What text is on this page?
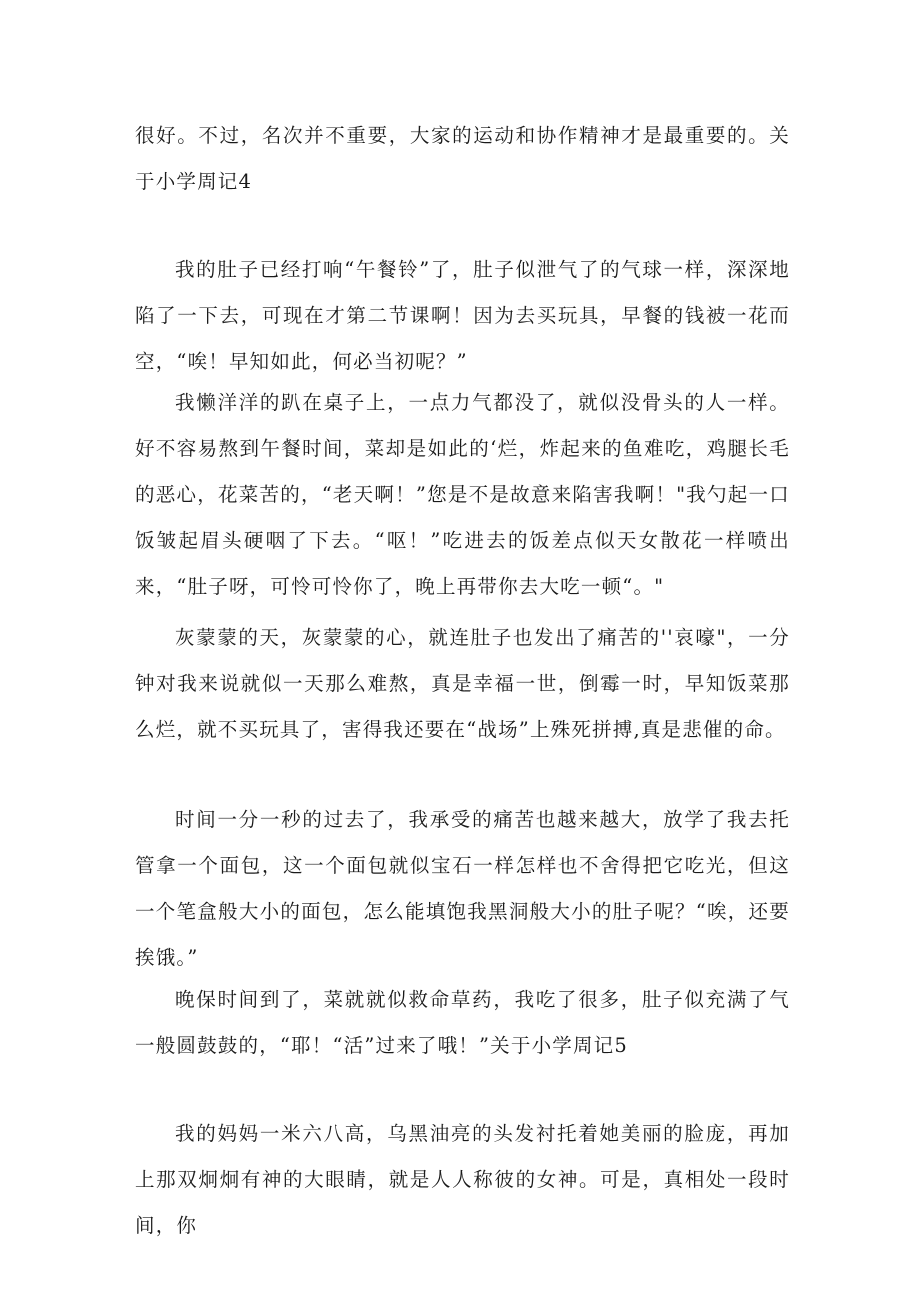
很好。不过，名次并不重要，大家的运动和协作精神才是最重要的。关于小学周记4

我的肚子已经打响“午餐铃”了，肚子似泄气了的气球一样，深深地陷了一下去，可现在才第二节课啊！因为去买玩具，早餐的钱被一花而空，“唉！早知如此，何必当初呢？”

我懒洋洋的趴在桌子上，一点力气都没了，就似没骨头的人一样。好不容易熬到午餐时间，菜却是如此的‘烂，炸起来的鱼难吃，鸡腿长毛的恶心，花菜苦的，“老天啊！”您是不是故意来陷害我啊！"我勺起一口饭皱起眉头硬咽了下去。“呕！”吃进去的饭差点似天女散花一样喷出来，“肚子呀，可怜可怜你了，晚上再带你去大吃一顿“。"

灰蒙蒙的天，灰蒙蒙的心，就连肚子也发出了痛苦的''哀嚎"，一分钟对我来说就似一天那么难熬，真是幸福一世，倒霉一时，早知饭菜那么烂，就不买玩具了，害得我还要在“战场”上殊死拼搏,真是悲催的命。

时间一分一秒的过去了，我承受的痛苦也越来越大，放学了我去托管拿一个面包，这一个面包就似宝石一样怎样也不舍得把它吃光，但这一个笔盒般大小的面包，怎么能填饱我黑洞般大小的肚子呢？“唉，还要挨饿。”

晚保时间到了，菜就就似救命草药，我吃了很多，肚子似充满了气一般圆鼓鼓的，“耶！“活”过来了哦！”关于小学周记5

我的妈妈一米六八高，乌黑油亮的头发衬托着她美丽的脸庞，再加上那双炯炯有神的大眼睛，就是人人称彼的女神。可是，真相处一段时间，你
